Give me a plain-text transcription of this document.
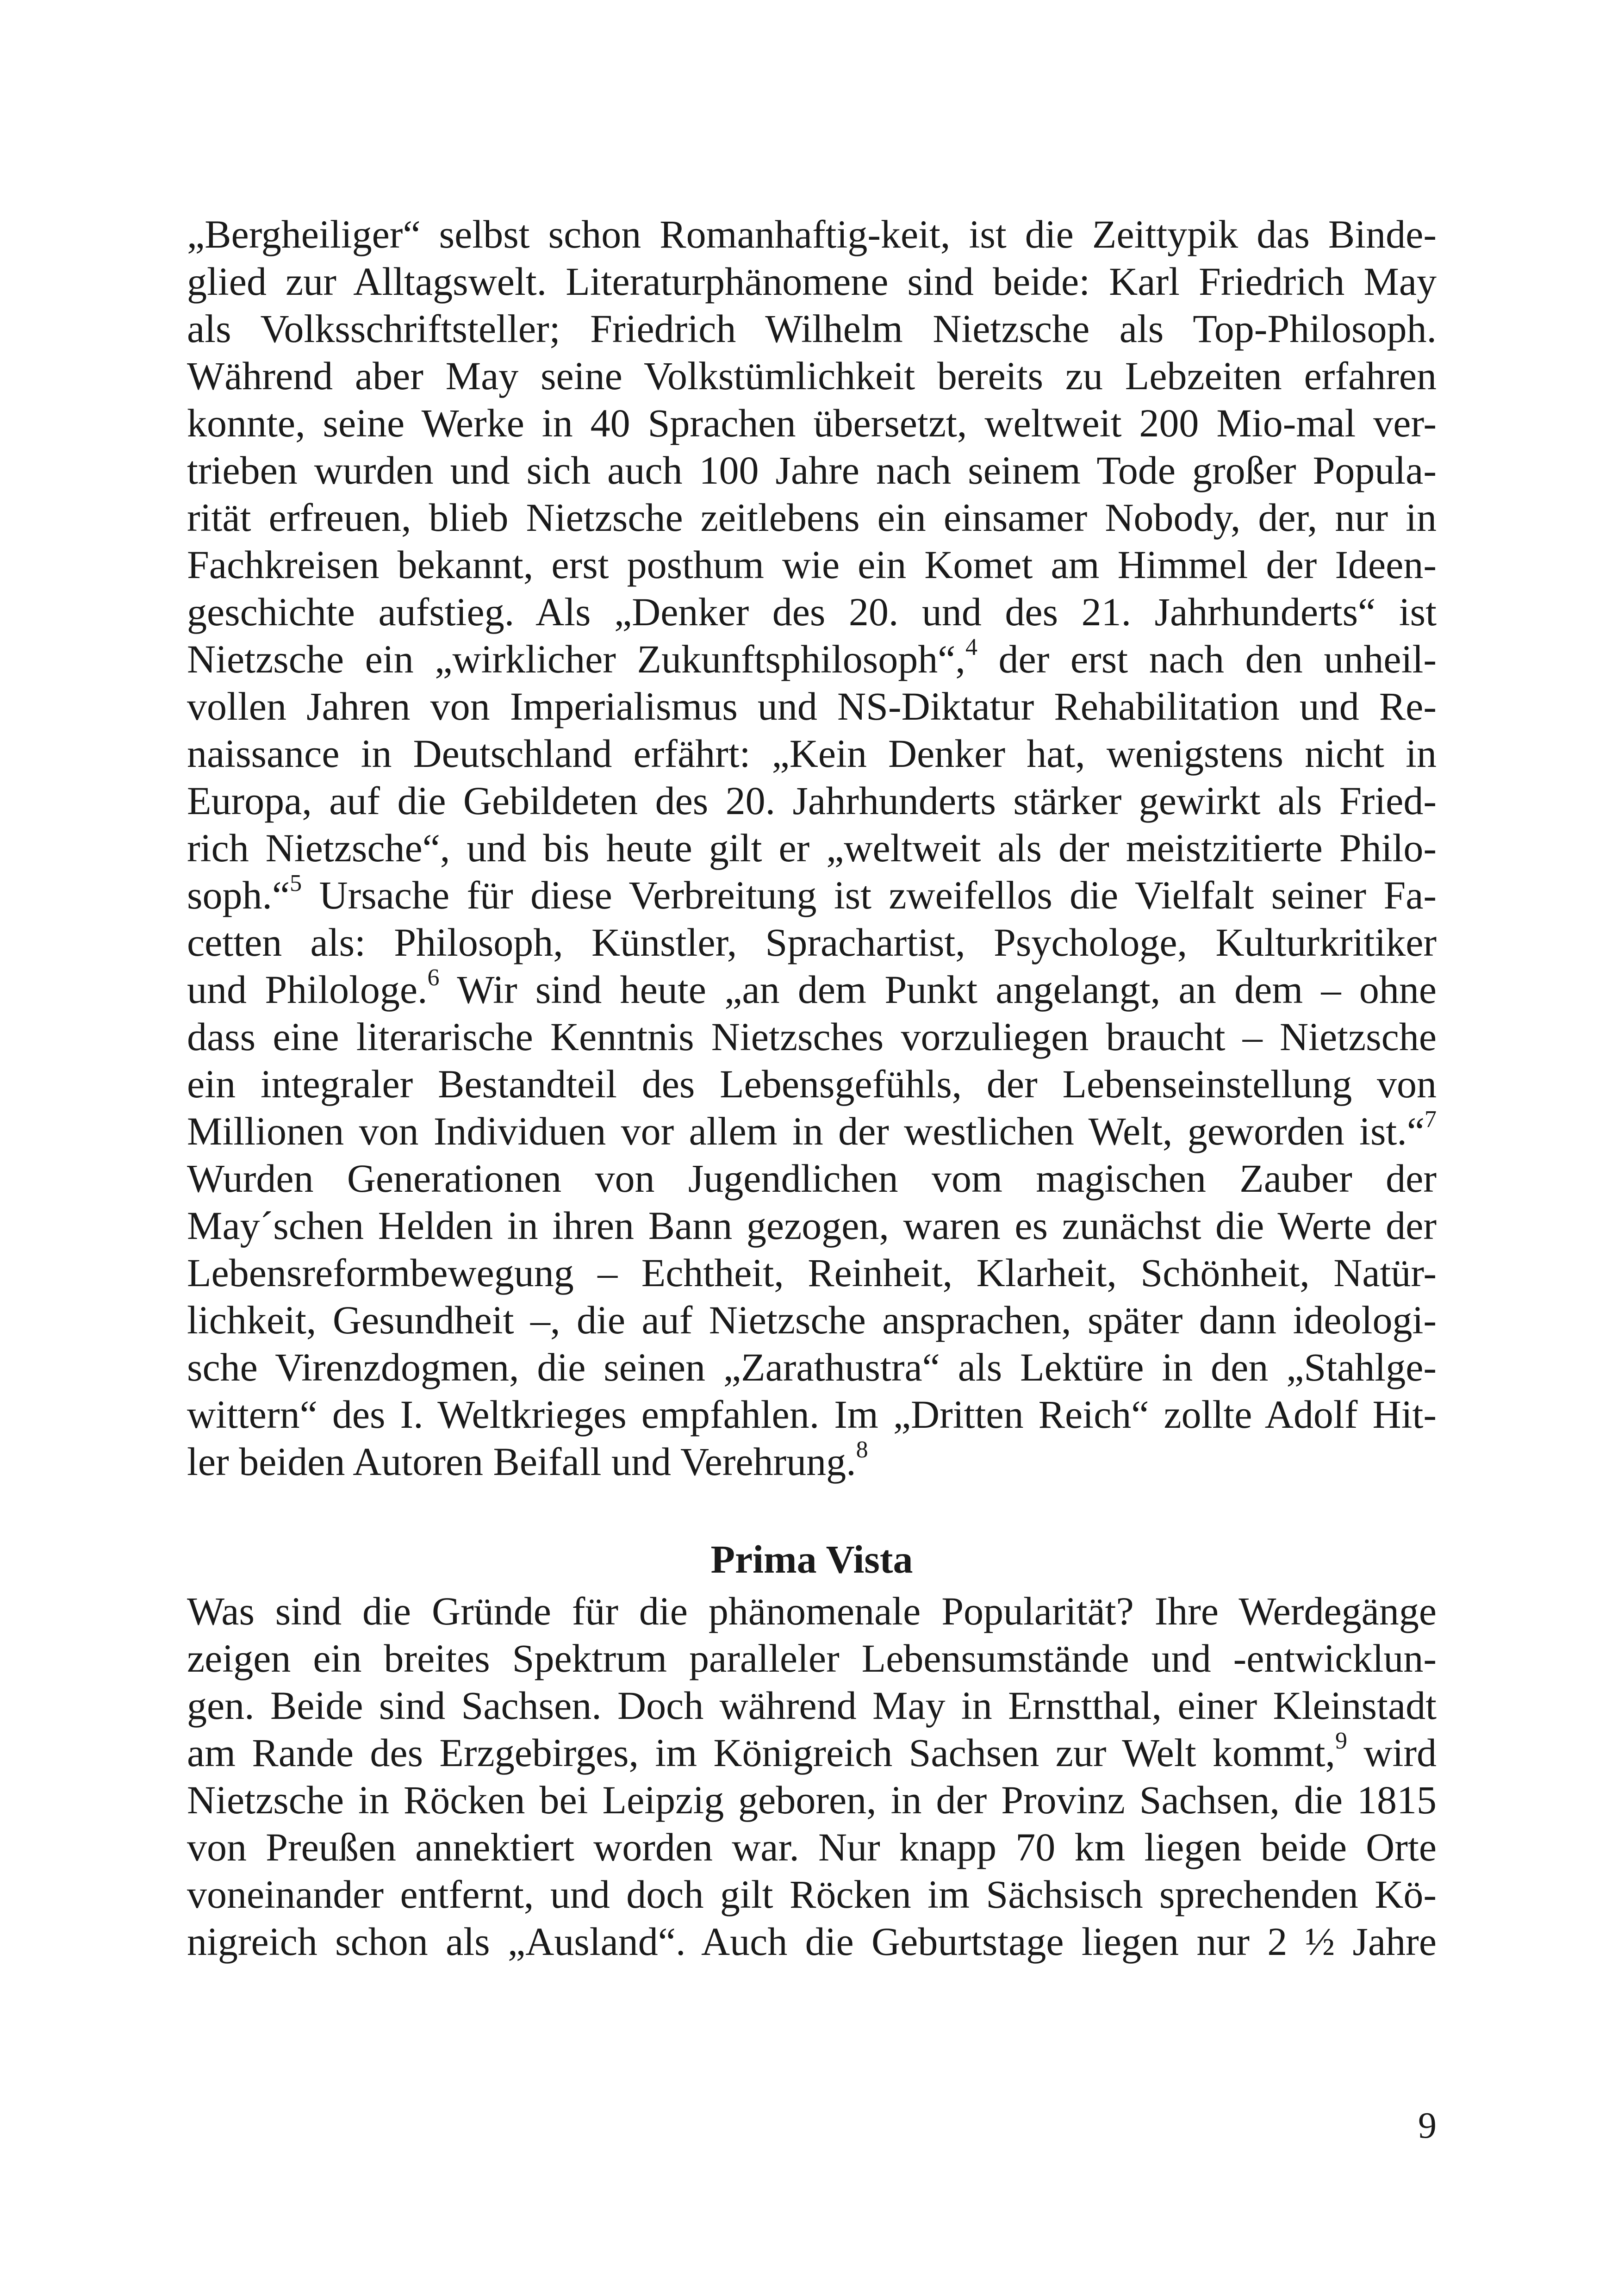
„Bergheiliger“ selbst schon Romanhaftig-keit, ist die Zeittypik das Binde-
glied zur Alltagswelt. Literaturphänomene sind beide: Karl Friedrich May
als Volksschriftsteller; Friedrich Wilhelm Nietzsche als Top-Philosoph.
Während aber May seine Volkstümlichkeit bereits zu Lebzeiten erfahren
konnte, seine Werke in 40 Sprachen übersetzt, weltweit 200 Mio-mal ver-
trieben wurden und sich auch 100 Jahre nach seinem Tode großer Popula-
rität erfreuen, blieb Nietzsche zeitlebens ein einsamer Nobody, der, nur in
Fachkreisen bekannt, erst posthum wie ein Komet am Himmel der Ideen-
geschichte aufstieg. Als „Denker des 20. und des 21. Jahrhunderts“ ist
Nietzsche ein „wirklicher Zukunftsphilosoph“,$^4$ der erst nach den unheil-
vollen Jahren von Imperialismus und NS-Diktatur Rehabilitation und Re-
naissance in Deutschland erfährt: „Kein Denker hat, wenigstens nicht in
Europa, auf die Gebildeten des 20. Jahrhunderts stärker gewirkt als Fried-
rich Nietzsche“, und bis heute gilt er „weltweit als der meistzitierte Philo-
soph.“$^5$ Ursache für diese Verbreitung ist zweifellos die Vielfalt seiner Fa-
cetten als: Philosoph, Künstler, Sprachartist, Psychologe, Kulturkritiker
und Philologe.$^6$ Wir sind heute „an dem Punkt angelangt, an dem – ohne
dass eine literarische Kenntnis Nietzsches vorzuliegen braucht – Nietzsche
ein integraler Bestandteil des Lebensgefühls, der Lebenseinstellung von
Millionen von Individuen vor allem in der westlichen Welt, geworden ist.“$^7$
Wurden Generationen von Jugendlichen vom magischen Zauber der
May´schen Helden in ihren Bann gezogen, waren es zunächst die Werte der
Lebensreformbewegung – Echtheit, Reinheit, Klarheit, Schönheit, Natür-
lichkeit, Gesundheit –, die auf Nietzsche ansprachen, später dann ideologi-
sche Virenzdogmen, die seinen „Zarathustra“ als Lektüre in den „Stahlge-
wittern“ des I. Weltkrieges empfahlen. Im „Dritten Reich“ zollte Adolf Hit-
ler beiden Autoren Beifall und Verehrung.$^8$
Prima Vista
Was sind die Gründe für die phänomenale Popularität? Ihre Werdegänge
zeigen ein breites Spektrum paralleler Lebensumstände und -entwicklun-
gen. Beide sind Sachsen. Doch während May in Ernstthal, einer Kleinstadt
am Rande des Erzgebirges, im Königreich Sachsen zur Welt kommt,$^9$ wird
Nietzsche in Röcken bei Leipzig geboren, in der Provinz Sachsen, die 1815
von Preußen annektiert worden war. Nur knapp 70 km liegen beide Orte
voneinander entfernt, und doch gilt Röcken im Sächsisch sprechenden Kö-
nigreich schon als „Ausland“. Auch die Geburtstage liegen nur 2 ½ Jahre
9
